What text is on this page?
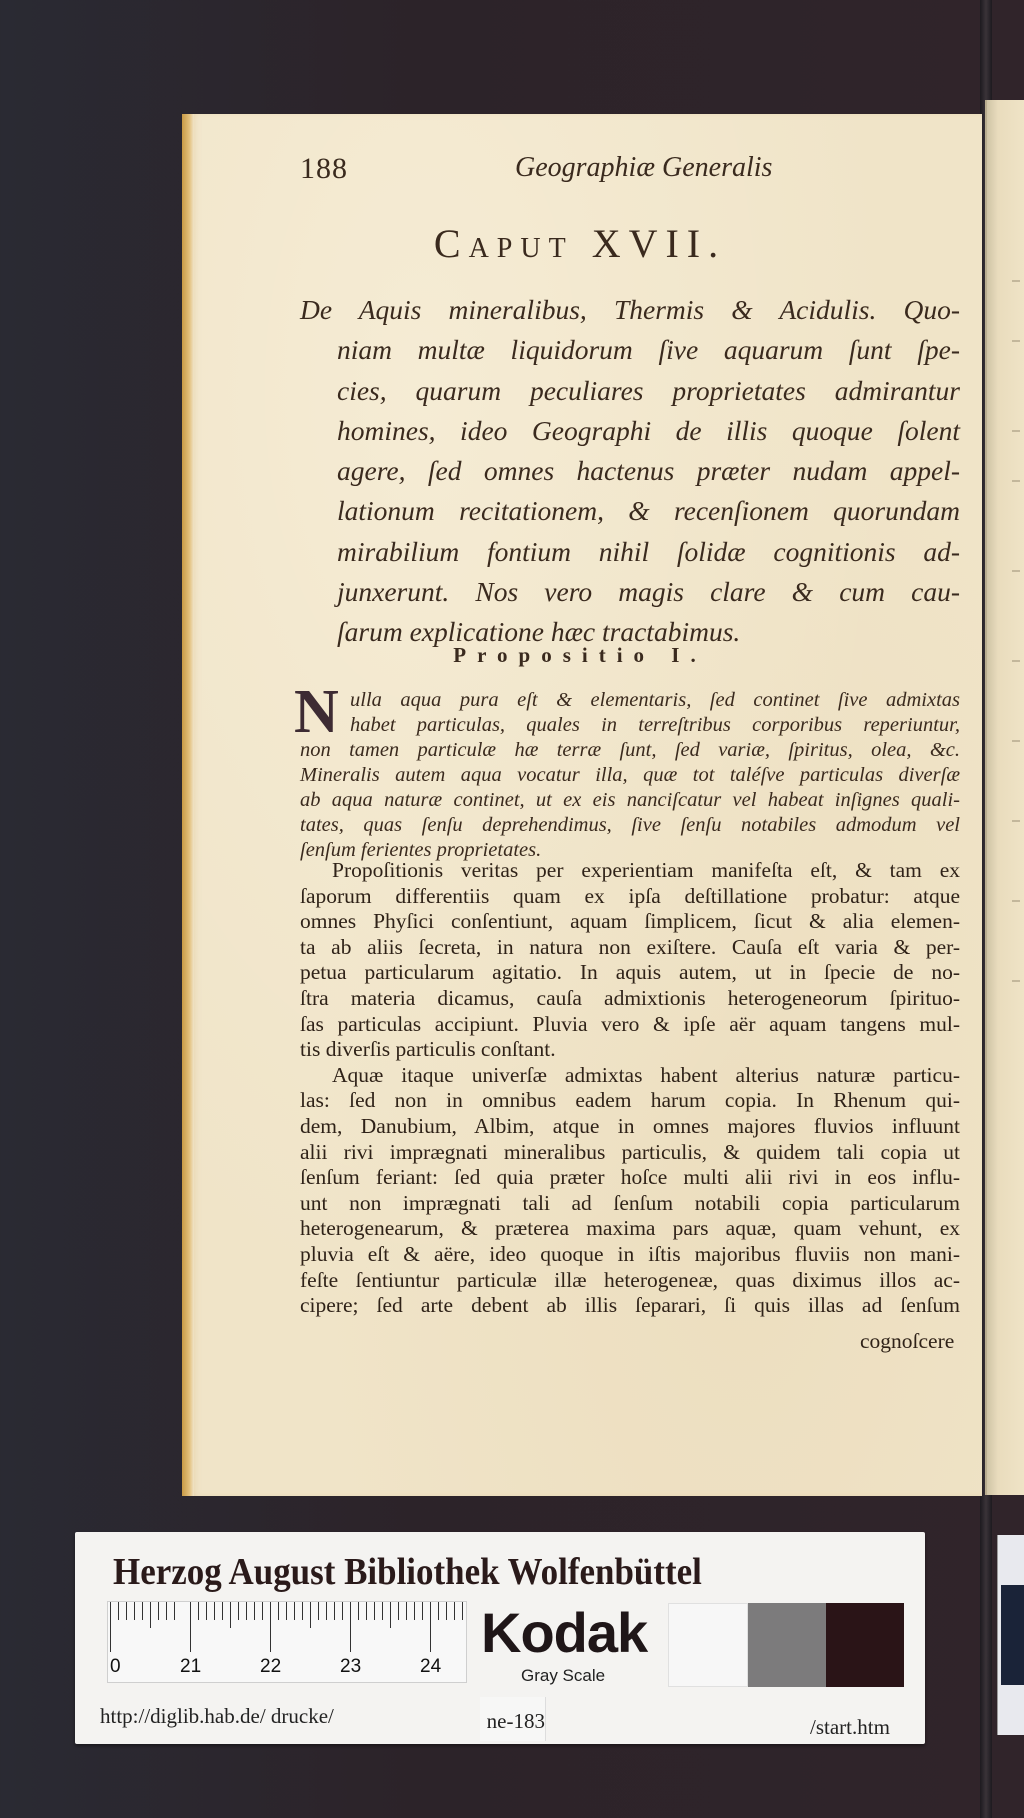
188	Geographiæ Generalis
Caput XVII.
De Aquis mineralibus, Thermis & Acidulis. Quo-
niam multæ liquidorum ſive aquarum ſunt ſpe-
cies, quarum peculiares proprietates admirantur
homines, ideo Geographi de illis quoque ſolent
agere, ſed omnes hactenus præter nudam appel-
lationum recitationem, & recenſionem quorundam
mirabilium fontium nihil ſolidæ cognitionis ad-
junxerunt. Nos vero magis clare & cum cau-
ſarum explicatione hæc tractabimus.
Propositio I.
N ulla aqua pura eſt & elementaris, ſed continet ſive admixtas
habet particulas, quales in terreſtribus corporibus reperiuntur,
non tamen particulæ hæ terræ ſunt, ſed variæ, ſpiritus, olea, &c.
Mineralis autem aqua vocatur illa, quæ tot taléſve particulas diverſæ
ab aqua naturæ continet, ut ex eis nanciſcatur vel habeat inſignes quali-
tates, quas ſenſu deprehendimus, ſive ſenſu notabiles admodum vel
ſenſum ferientes proprietates.
Propoſitionis veritas per experientiam manifeſta eſt, & tam ex
ſaporum differentiis quam ex ipſa deſtillatione probatur: atque
omnes Phyſici conſentiunt, aquam ſimplicem, ſicut & alia elemen-
ta ab aliis ſecreta, in natura non exiſtere. Cauſa eſt varia & per-
petua particularum agitatio. In aquis autem, ut in ſpecie de no-
ſtra materia dicamus, cauſa admixtionis heterogeneorum ſpirituo-
ſas particulas accipiunt. Pluvia vero & ipſe aër aquam tangens mul-
tis diverſis particulis conſtant.
Aquæ itaque univerſæ admixtas habent alterius naturæ particu-
las: ſed non in omnibus eadem harum copia. In Rhenum qui-
dem, Danubium, Albim, atque in omnes majores fluvios influunt
alii rivi imprægnati mineralibus particulis, & quidem tali copia ut
ſenſum feriant: ſed quia præter hoſce multi alii rivi in eos influ-
unt non imprægnati tali ad ſenſum notabili copia particularum
heterogenearum, & præterea maxima pars aquæ, quam vehunt, ex
pluvia eſt & aëre, ideo quoque in iſtis majoribus fluviis non mani-
feſte ſentiuntur particulæ illæ heterogeneæ, quas diximus illos ac-
cipere; ſed arte debent ab illis ſeparari, ſi quis illas ad ſenſum
cognoſcere
Herzog August Bibliothek Wolfenbüttel
0	21	22	23	24
Kodak
Gray Scale
http://diglib.hab.de/ drucke/	ne-183	/start.htm
